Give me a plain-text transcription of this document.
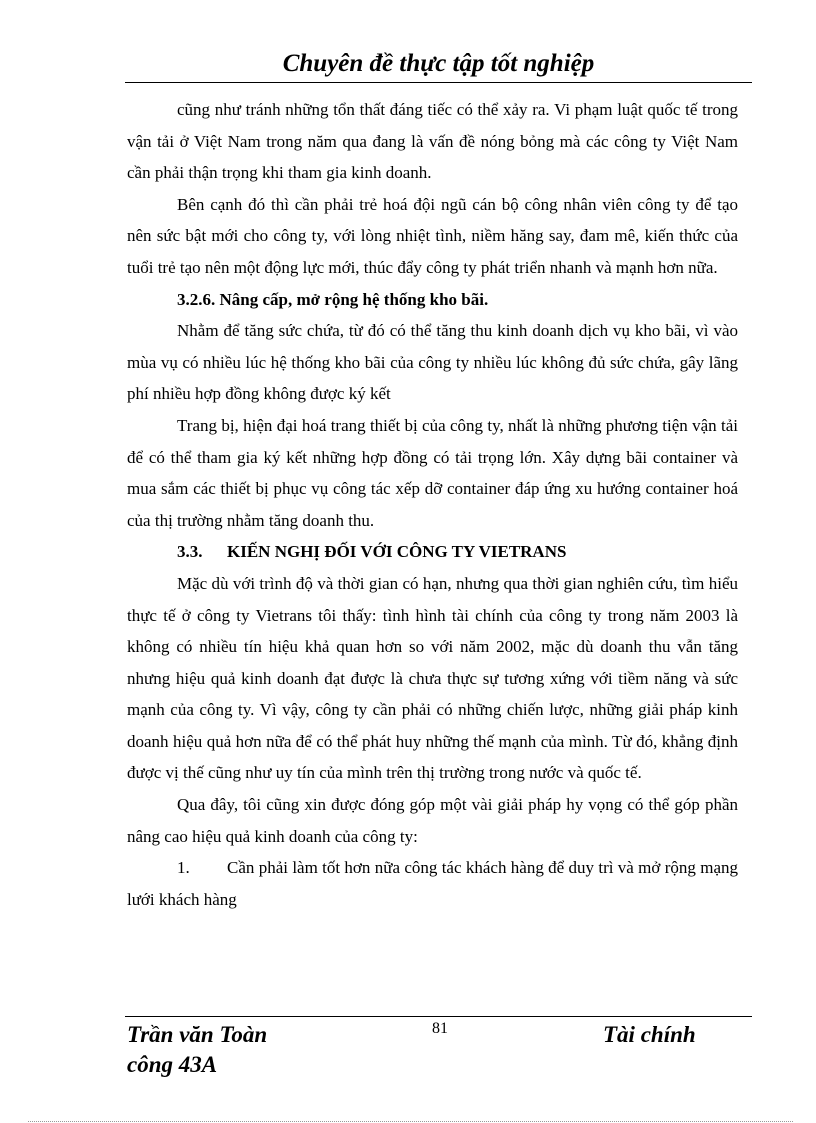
Chuyên đề thực tập tốt nghiệp

cũng như tránh những tổn thất đáng tiếc có thể xảy ra. Vi phạm luật quốc tế trong vận tải ở Việt Nam trong năm qua đang là vấn đề nóng bỏng mà các công ty Việt Nam cần phải thận trọng khi tham gia kinh doanh.

Bên cạnh đó thì cần phải trẻ hoá đội ngũ cán bộ công nhân viên công ty để tạo nên sức bật mới cho công ty, với lòng nhiệt tình, niềm hăng say, đam mê, kiến thức của tuổi trẻ tạo nên một động lực mới, thúc đẩy công ty phát triển nhanh và mạnh hơn nữa.

3.2.6. Nâng cấp, mở rộng hệ thống kho bãi.

Nhằm để tăng sức chứa, từ đó có thể tăng thu kinh doanh dịch vụ kho bãi, vì vào mùa vụ có nhiều lúc hệ thống kho bãi của công ty nhiều lúc không đủ sức chứa, gây lãng phí nhiều hợp đồng không được ký kết

Trang bị, hiện đại hoá trang thiết bị của công ty, nhất là những phương tiện vận tải để có thể tham gia ký kết những hợp đồng có tải trọng lớn. Xây dựng bãi container và mua sắm các thiết bị phục vụ công tác xếp dỡ container đáp ứng xu hướng container hoá của thị trường nhằm tăng doanh thu.

3.3. KIẾN NGHỊ ĐỐI VỚI CÔNG TY VIETRANS

Mặc dù với trình độ và thời gian có hạn, nhưng qua thời gian nghiên cứu, tìm hiểu thực tế ở công ty Vietrans tôi thấy: tình hình tài chính của công ty trong năm 2003 là không có nhiều tín hiệu khả quan hơn so với năm 2002, mặc dù doanh thu vẫn tăng nhưng hiệu quả kinh doanh đạt được là chưa thực sự tương xứng với tiềm năng và sức mạnh của công ty. Vì vậy, công ty cần phải có những chiến lược, những giải pháp kinh doanh hiệu quả hơn nữa để có thể phát huy những thế mạnh của mình. Từ đó, khẳng định được vị thế cũng như uy tín của mình trên thị trường trong nước và quốc tế.

Qua đây, tôi cũng xin được đóng góp một vài giải pháp hy vọng có thể góp phần nâng cao hiệu quả kinh doanh của công ty:

1. Cần phải làm tốt hơn nữa công tác khách hàng để duy trì và mở rộng mạng lưới khách hàng

Trần văn Toàn
công 43A
81	Tài chính
